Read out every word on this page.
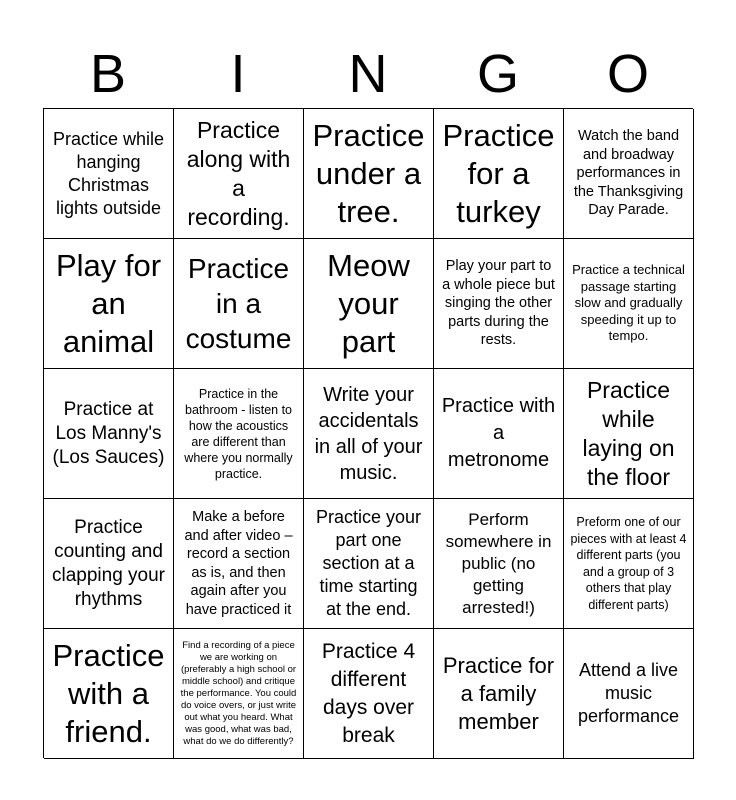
B	I	N	G	O
Practice while hanging Christmas lights outside
Practice along with a recording.
Practice under a tree.
Practice for a turkey
Watch the band and broadway performances in the Thanksgiving Day Parade.
Play for an animal
Practice in a costume
Meow your part
Play your part to a whole piece but singing the other parts during the rests.
Practice a technical passage starting slow and gradually speeding it up to tempo.
Practice at Los Manny's (Los Sauces)
Practice in the bathroom - listen to how the acoustics are different than where you normally practice.
Write your accidentals in all of your music.
Practice with a metronome
Practice while laying on the floor
Practice counting and clapping your rhythms
Make a before and after video – record a section as is, and then again after you have practiced it
Practice your part one section at a time starting at the end.
Perform somewhere in public (no getting arrested!)
Preform one of our pieces with at least 4 different parts (you and a group of 3 others that play different parts)
Practice with a friend.
Find a recording of a piece we are working on (preferably a high school or middle school) and critique the performance. You could do voice overs, or just write out what you heard. What was good, what was bad, what do we do differently?
Practice 4 different days over break
Practice for a family member
Attend a live music performance
